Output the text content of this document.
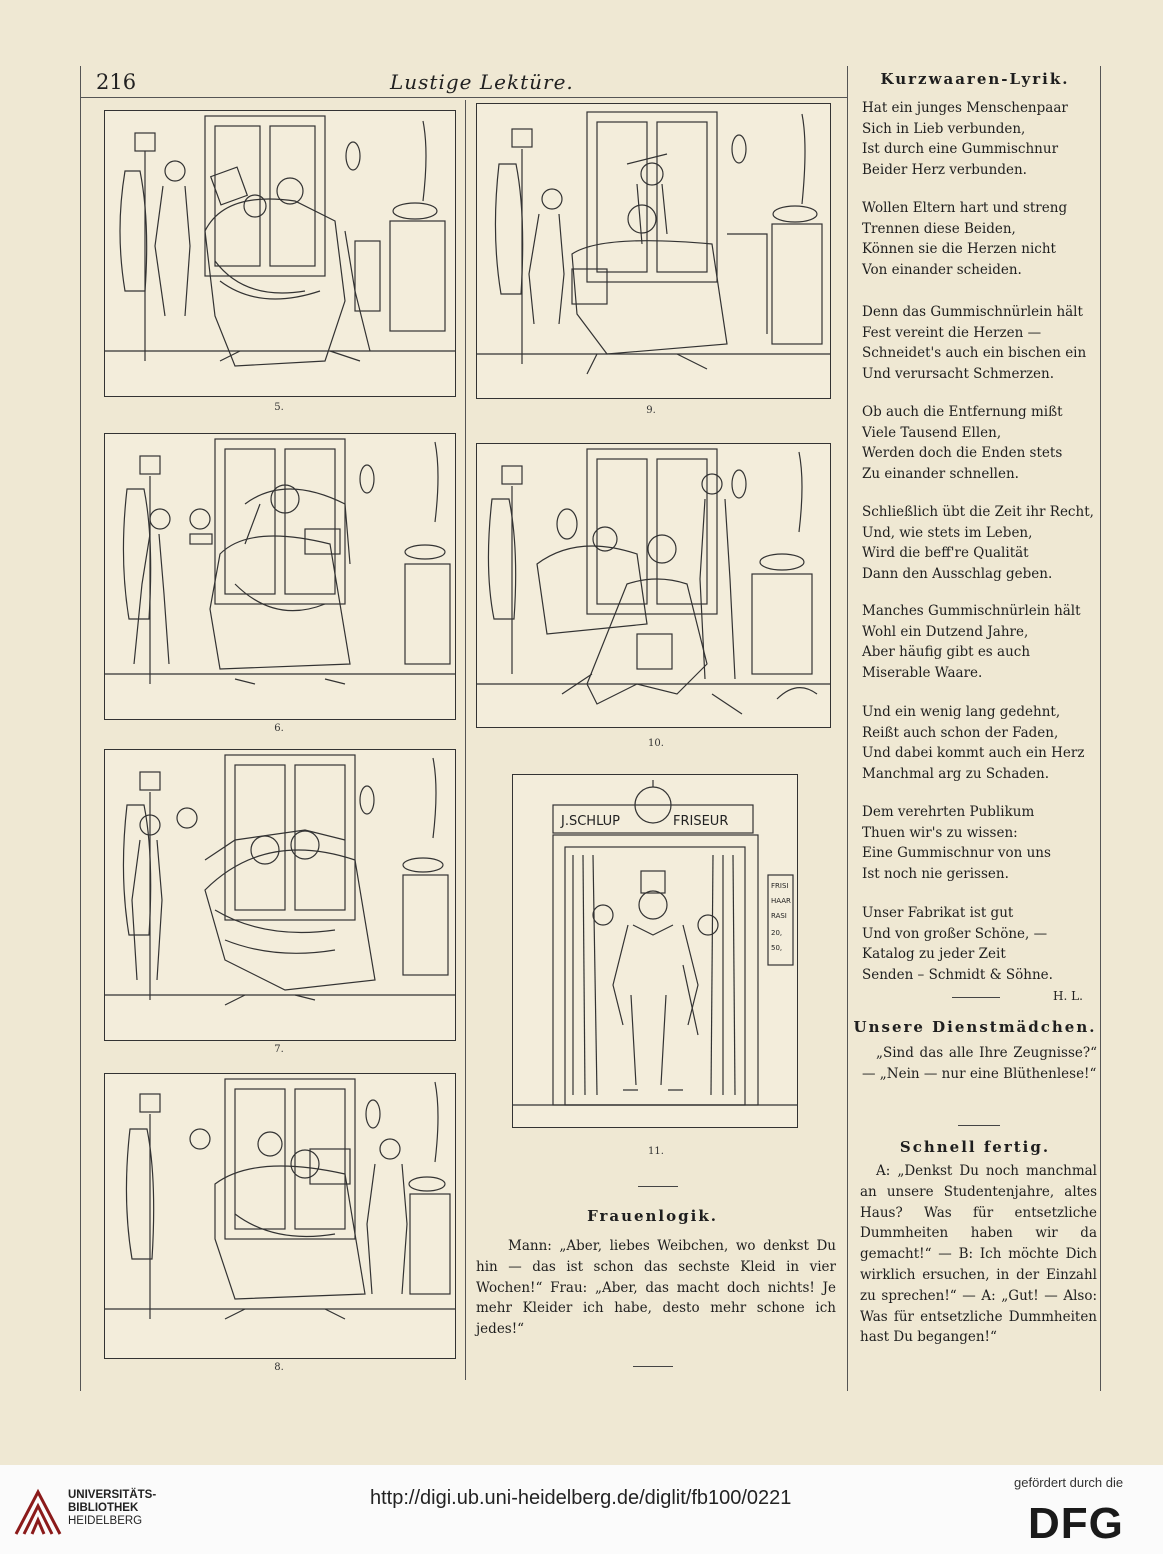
216	Lustige Lektüre.
5.	9.
6.
10.
7.
J.SCHLUP	FRISEUR
FRISI
HAAR
RASI
20,
50,
11.
8.
Frauenlogik.
Mann: „Aber, liebes Weibchen, wo denkst Du hin — das ist schon das sechste Kleid in vier Wochen!“ Frau: „Aber, das macht doch nichts! Je mehr Kleider ich habe, desto mehr schone ich jedes!“
Kurzwaaren-Lyrik.
Hat ein junges Menschenpaar
Sich in Lieb verbunden,
Ist durch eine Gummischnur
Beider Herz verbunden.
Wollen Eltern hart und streng
Trennen diese Beiden,
Können sie die Herzen nicht
Von einander scheiden.
Denn das Gummischnürlein hält
Fest vereint die Herzen —
Schneidet's auch ein bischen ein
Und verursacht Schmerzen.
Ob auch die Entfernung mißt
Viele Tausend Ellen,
Werden doch die Enden stets
Zu einander schnellen.
Schließlich übt die Zeit ihr Recht,
Und, wie stets im Leben,
Wird die beff're Qualität
Dann den Ausschlag geben.
Manches Gummischnürlein hält
Wohl ein Dutzend Jahre,
Aber häufig gibt es auch
Miserable Waare.
Und ein wenig lang gedehnt,
Reißt auch schon der Faden,
Und dabei kommt auch ein Herz
Manchmal arg zu Schaden.
Dem verehrten Publikum
Thuen wir's zu wissen:
Eine Gummischnur von uns
Ist noch nie gerissen.
Unser Fabrikat ist gut
Und von großer Schöne, —
Katalog zu jeder Zeit
Senden – Schmidt & Söhne.
H. L.
Unsere Dienstmädchen.
„Sind das alle Ihre Zeugnisse?“ — „Nein — nur eine Blüthenlese!“
Schnell fertig.
A: „Denkst Du noch manchmal an unsere Studentenjahre, altes Haus? Was für entsetzliche Dummheiten haben wir da gemacht!“ — B: Ich möchte Dich wirklich ersuchen, in der Einzahl zu sprechen!“ — A: „Gut! — Also: Was für entsetzliche Dummheiten hast Du begangen!“
UNIVERSITÄTS-
BIBLIOTHEK
HEIDELBERG
http://digi.ub.uni-heidelberg.de/diglit/fb100/0221
gefördert durch die
DFG
